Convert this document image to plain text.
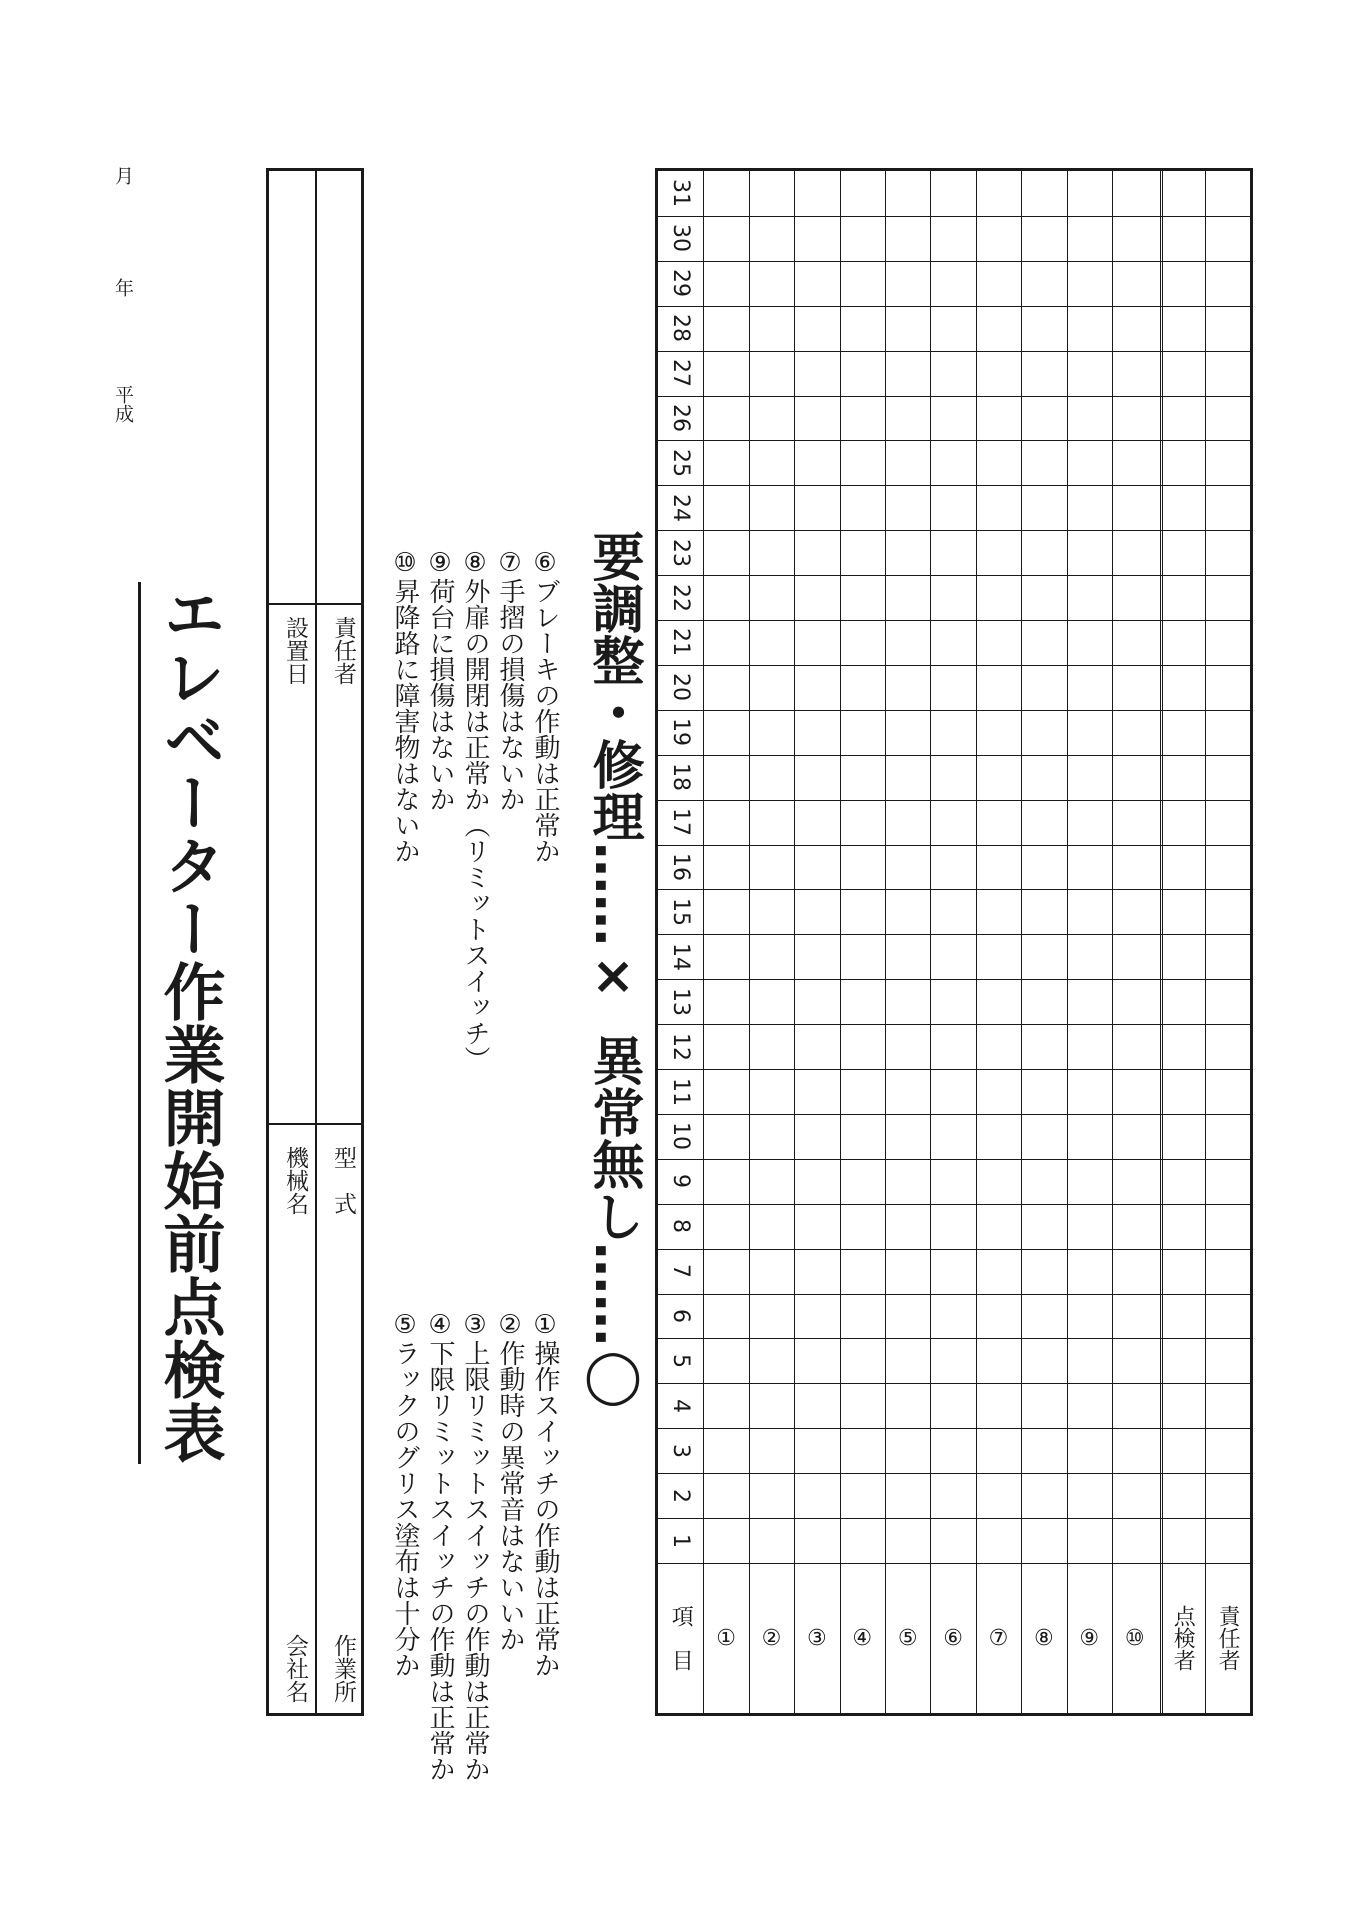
平成
年
月
エレベーター作業開始前点検表
会社名 作業所
機械名 型　式
設置日 責任者
①操作スイッチの作動は正常か
②作動時の異常音はないいか
③上限リミットスイッチの作動は正常か
④下限リミットスイッチの作動は正常か
⑤ラックのグリス塗布は十分か
⑥ブレーキの作動は正常か
⑦手摺の損傷はないか
⑧外扉の開閉は正常か（リミットスイッチ）
⑨荷台に損傷はないか
⑩昇降路に障害物はないか
異常無し……◯
要調整・修理……×
1
2
3
4
5
6
7
8
9
10
11
12
13
14
15
16
17
18
19
20
21
22
23
24
25
26
27
28
29
30
31
項　目 ① ② ③ ④ ⑤ ⑥ ⑦ ⑧ ⑨ ⑩	点検者 責任者
